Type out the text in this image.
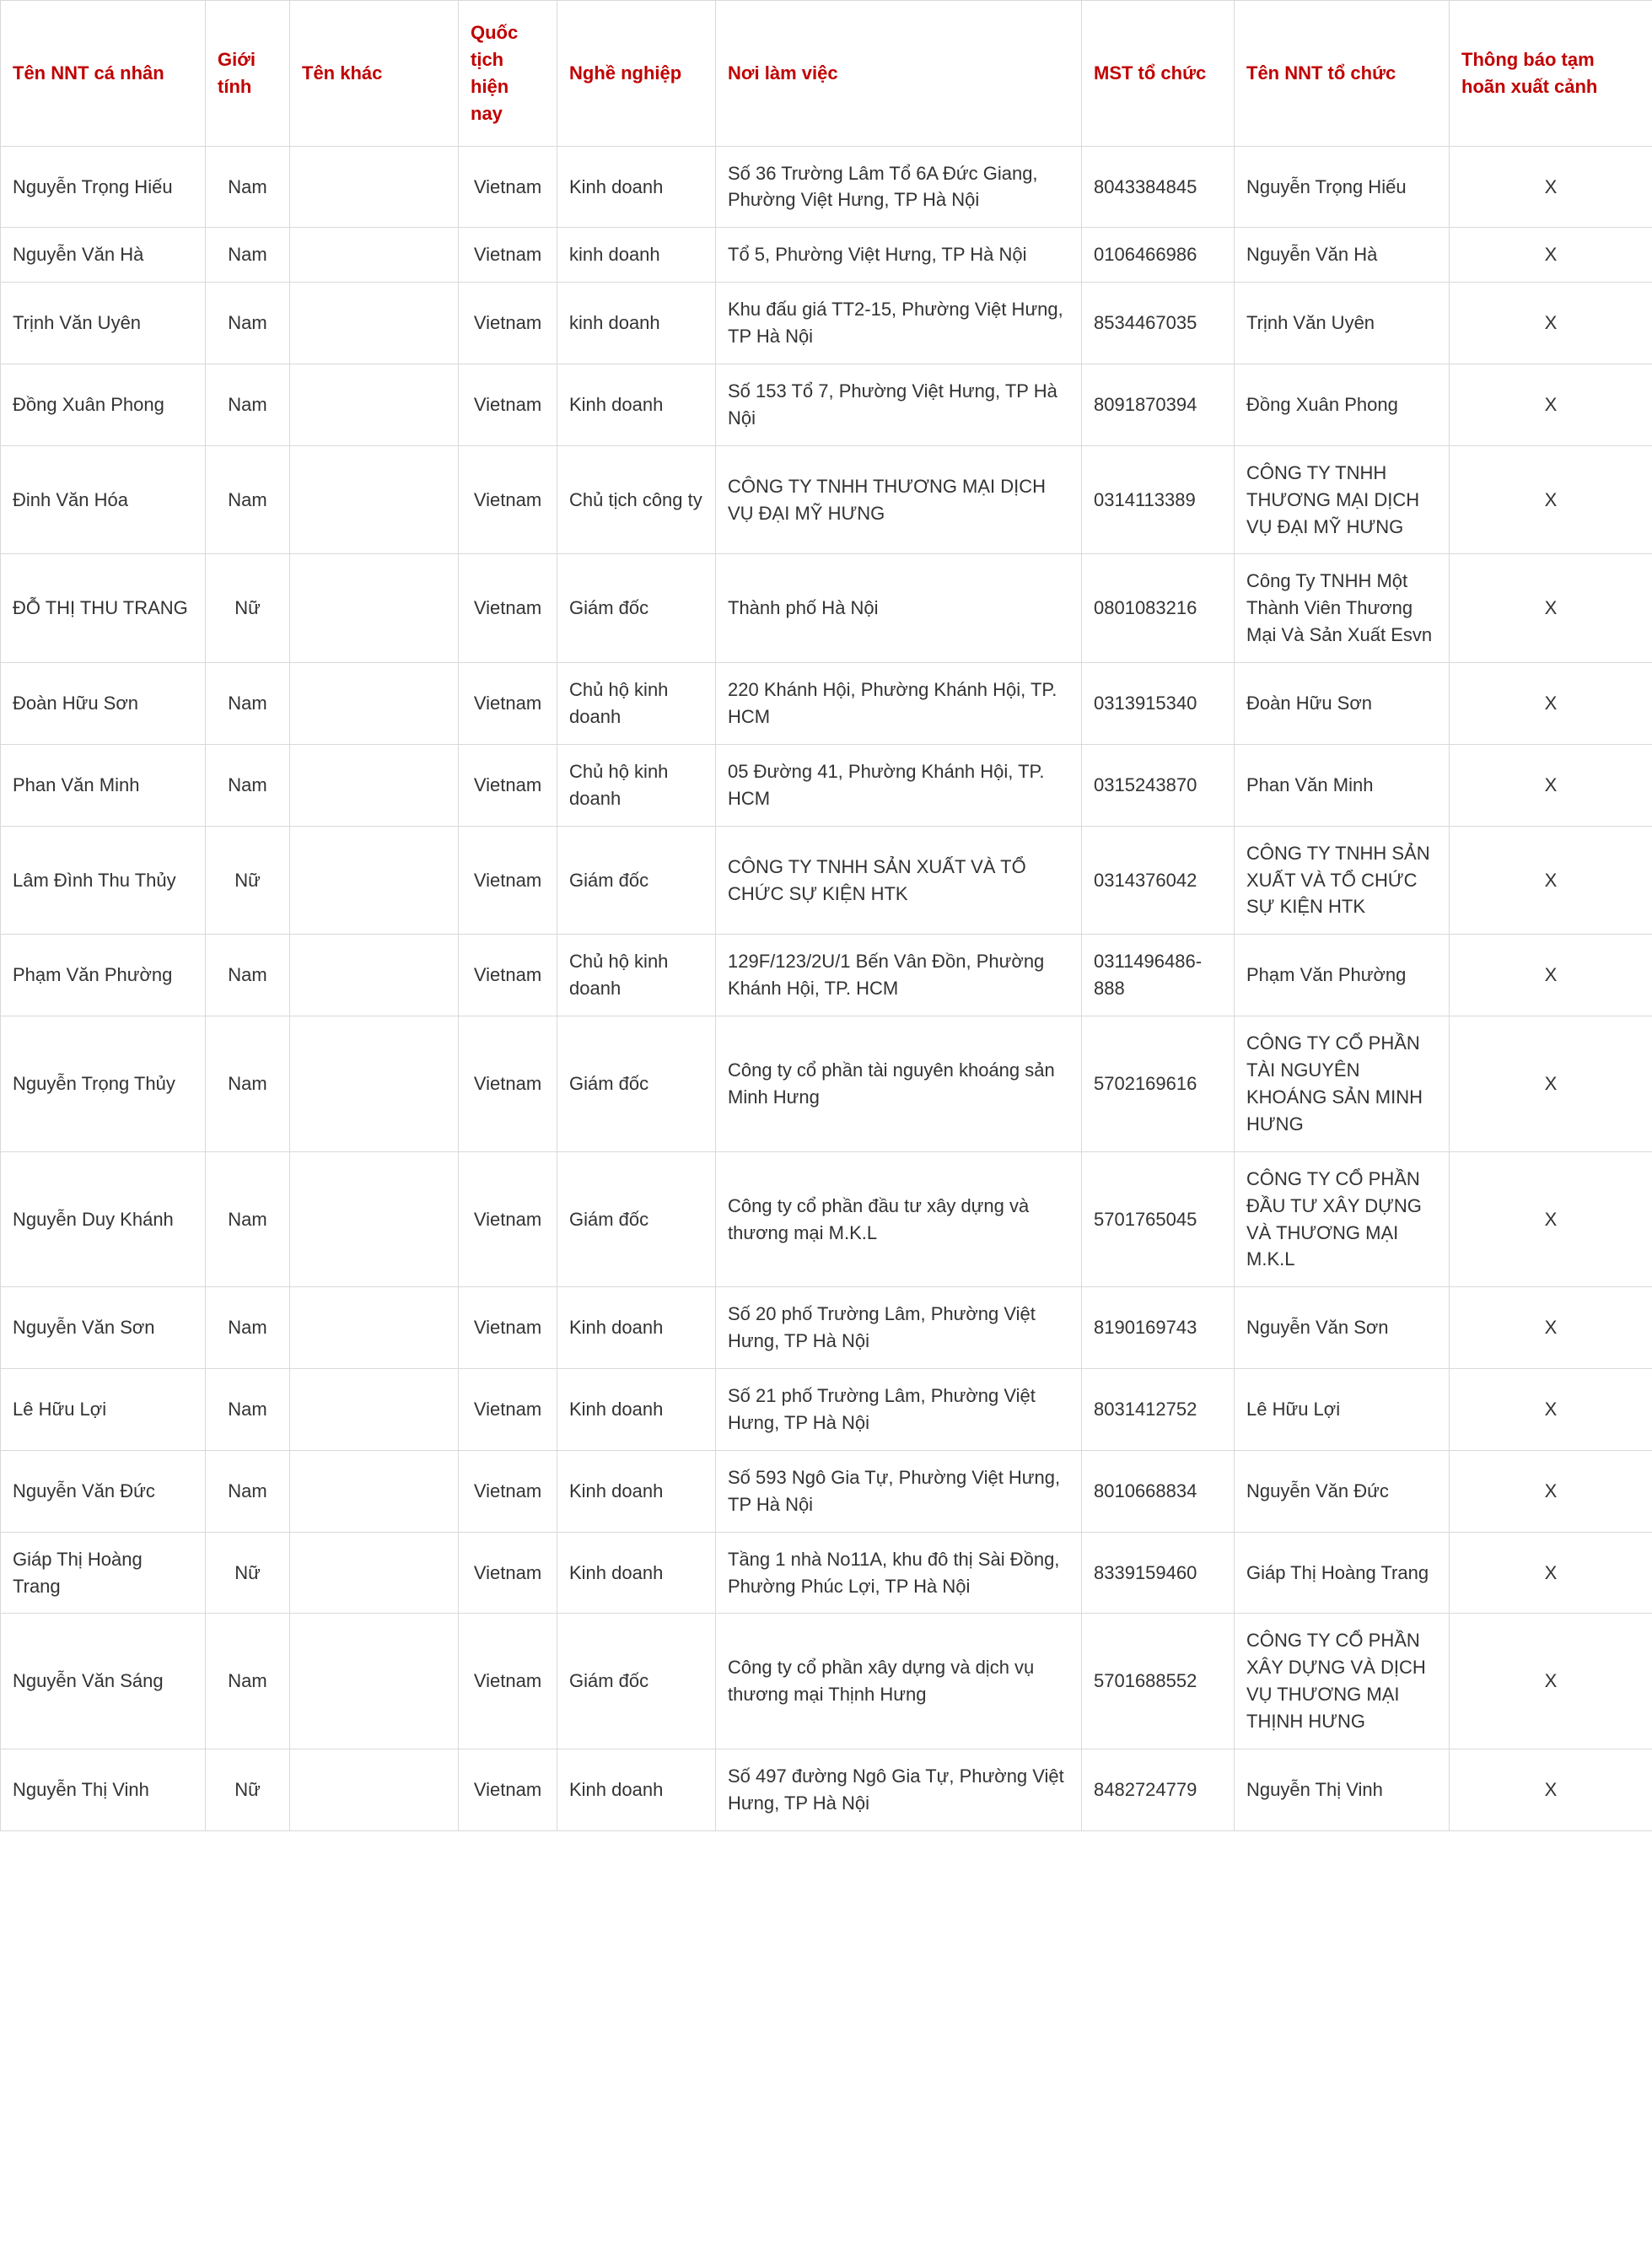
Tên NNT cá nhân	Giới tính	Tên khác	Quốc tịch hiện nay	Nghề nghiệp	Nơi làm việc	MST tổ chức	Tên NNT tổ chức	Thông báo tạm hoãn xuất cảnh
Nguyễn Trọng Hiếu	Nam		Vietnam	Kinh doanh	Số 36 Trường Lâm Tổ 6A Đức Giang, Phường Việt Hưng, TP Hà Nội	8043384845	Nguyễn Trọng Hiếu	X
Nguyễn Văn Hà	Nam		Vietnam	kinh doanh	Tổ 5, Phường Việt Hưng, TP Hà Nội	0106466986	Nguyễn Văn Hà	X
Trịnh Văn Uyên	Nam		Vietnam	kinh doanh	Khu đấu giá TT2-15, Phường Việt Hưng, TP Hà Nội	8534467035	Trịnh Văn Uyên	X
Đồng Xuân Phong	Nam		Vietnam	Kinh doanh	Số 153 Tổ 7, Phường Việt Hưng, TP Hà Nội	8091870394	Đồng Xuân Phong	X
Đinh Văn Hóa	Nam		Vietnam	Chủ tịch công ty	CÔNG TY TNHH THƯƠNG MẠI DỊCH VỤ ĐẠI MỸ HƯNG	0314113389	CÔNG TY TNHH THƯƠNG MẠI DỊCH VỤ ĐẠI MỸ HƯNG	X
ĐỖ THỊ THU TRANG	Nữ		Vietnam	Giám đốc	Thành phố Hà Nội	0801083216	Công Ty TNHH Một Thành Viên Thương Mại Và Sản Xuất Esvn	X
Đoàn Hữu Sơn	Nam		Vietnam	Chủ hộ kinh doanh	220 Khánh Hội, Phường Khánh Hội, TP. HCM	0313915340	Đoàn Hữu Sơn	X
Phan Văn Minh	Nam		Vietnam	Chủ hộ kinh doanh	05 Đường 41, Phường Khánh Hội, TP. HCM	0315243870	Phan Văn Minh	X
Lâm Đình Thu Thủy	Nữ		Vietnam	Giám đốc	CÔNG TY TNHH SẢN XUẤT VÀ TỔ CHỨC SỰ KIỆN HTK	0314376042	CÔNG TY TNHH SẢN XUẤT VÀ TỔ CHỨC SỰ KIỆN HTK	X
Phạm Văn Phường	Nam		Vietnam	Chủ hộ kinh doanh	129F/123/2U/1 Bến Vân Đồn, Phường Khánh Hội, TP. HCM	0311496486-888	Phạm Văn Phường	X
Nguyễn Trọng Thủy	Nam		Vietnam	Giám đốc	Công ty cổ phần tài nguyên khoáng sản Minh Hưng	5702169616	CÔNG TY CỔ PHẦN TÀI NGUYÊN KHOÁNG SẢN MINH HƯNG	X
Nguyễn Duy Khánh	Nam		Vietnam	Giám đốc	Công ty cổ phần đầu tư xây dựng và thương mại M.K.L	5701765045	CÔNG TY CỔ PHẦN ĐẦU TƯ XÂY DỰNG VÀ THƯƠNG MẠI M.K.L	X
Nguyễn Văn Sơn	Nam		Vietnam	Kinh doanh	Số 20 phố Trường Lâm, Phường Việt Hưng, TP Hà Nội	8190169743	Nguyễn Văn Sơn	X
Lê Hữu Lợi	Nam		Vietnam	Kinh doanh	Số 21 phố Trường Lâm, Phường Việt Hưng, TP Hà Nội	8031412752	Lê Hữu Lợi	X
Nguyễn Văn Đức	Nam		Vietnam	Kinh doanh	Số 593 Ngô Gia Tự, Phường Việt Hưng, TP Hà Nội	8010668834	Nguyễn Văn Đức	X
Giáp Thị Hoàng Trang	Nữ		Vietnam	Kinh doanh	Tầng 1 nhà No11A, khu đô thị Sài Đồng, Phường Phúc Lợi, TP Hà Nội	8339159460	Giáp Thị Hoàng Trang	X
Nguyễn Văn Sáng	Nam		Vietnam	Giám đốc	Công ty cổ phần xây dựng và dịch vụ thương mại Thịnh Hưng	5701688552	CÔNG TY CỔ PHẦN XÂY DỰNG VÀ DỊCH VỤ THƯƠNG MẠI THỊNH HƯNG	X
Nguyễn Thị Vinh	Nữ		Vietnam	Kinh doanh	Số 497 đường Ngô Gia Tự, Phường Việt Hưng, TP Hà Nội	8482724779	Nguyễn Thị Vinh	X
